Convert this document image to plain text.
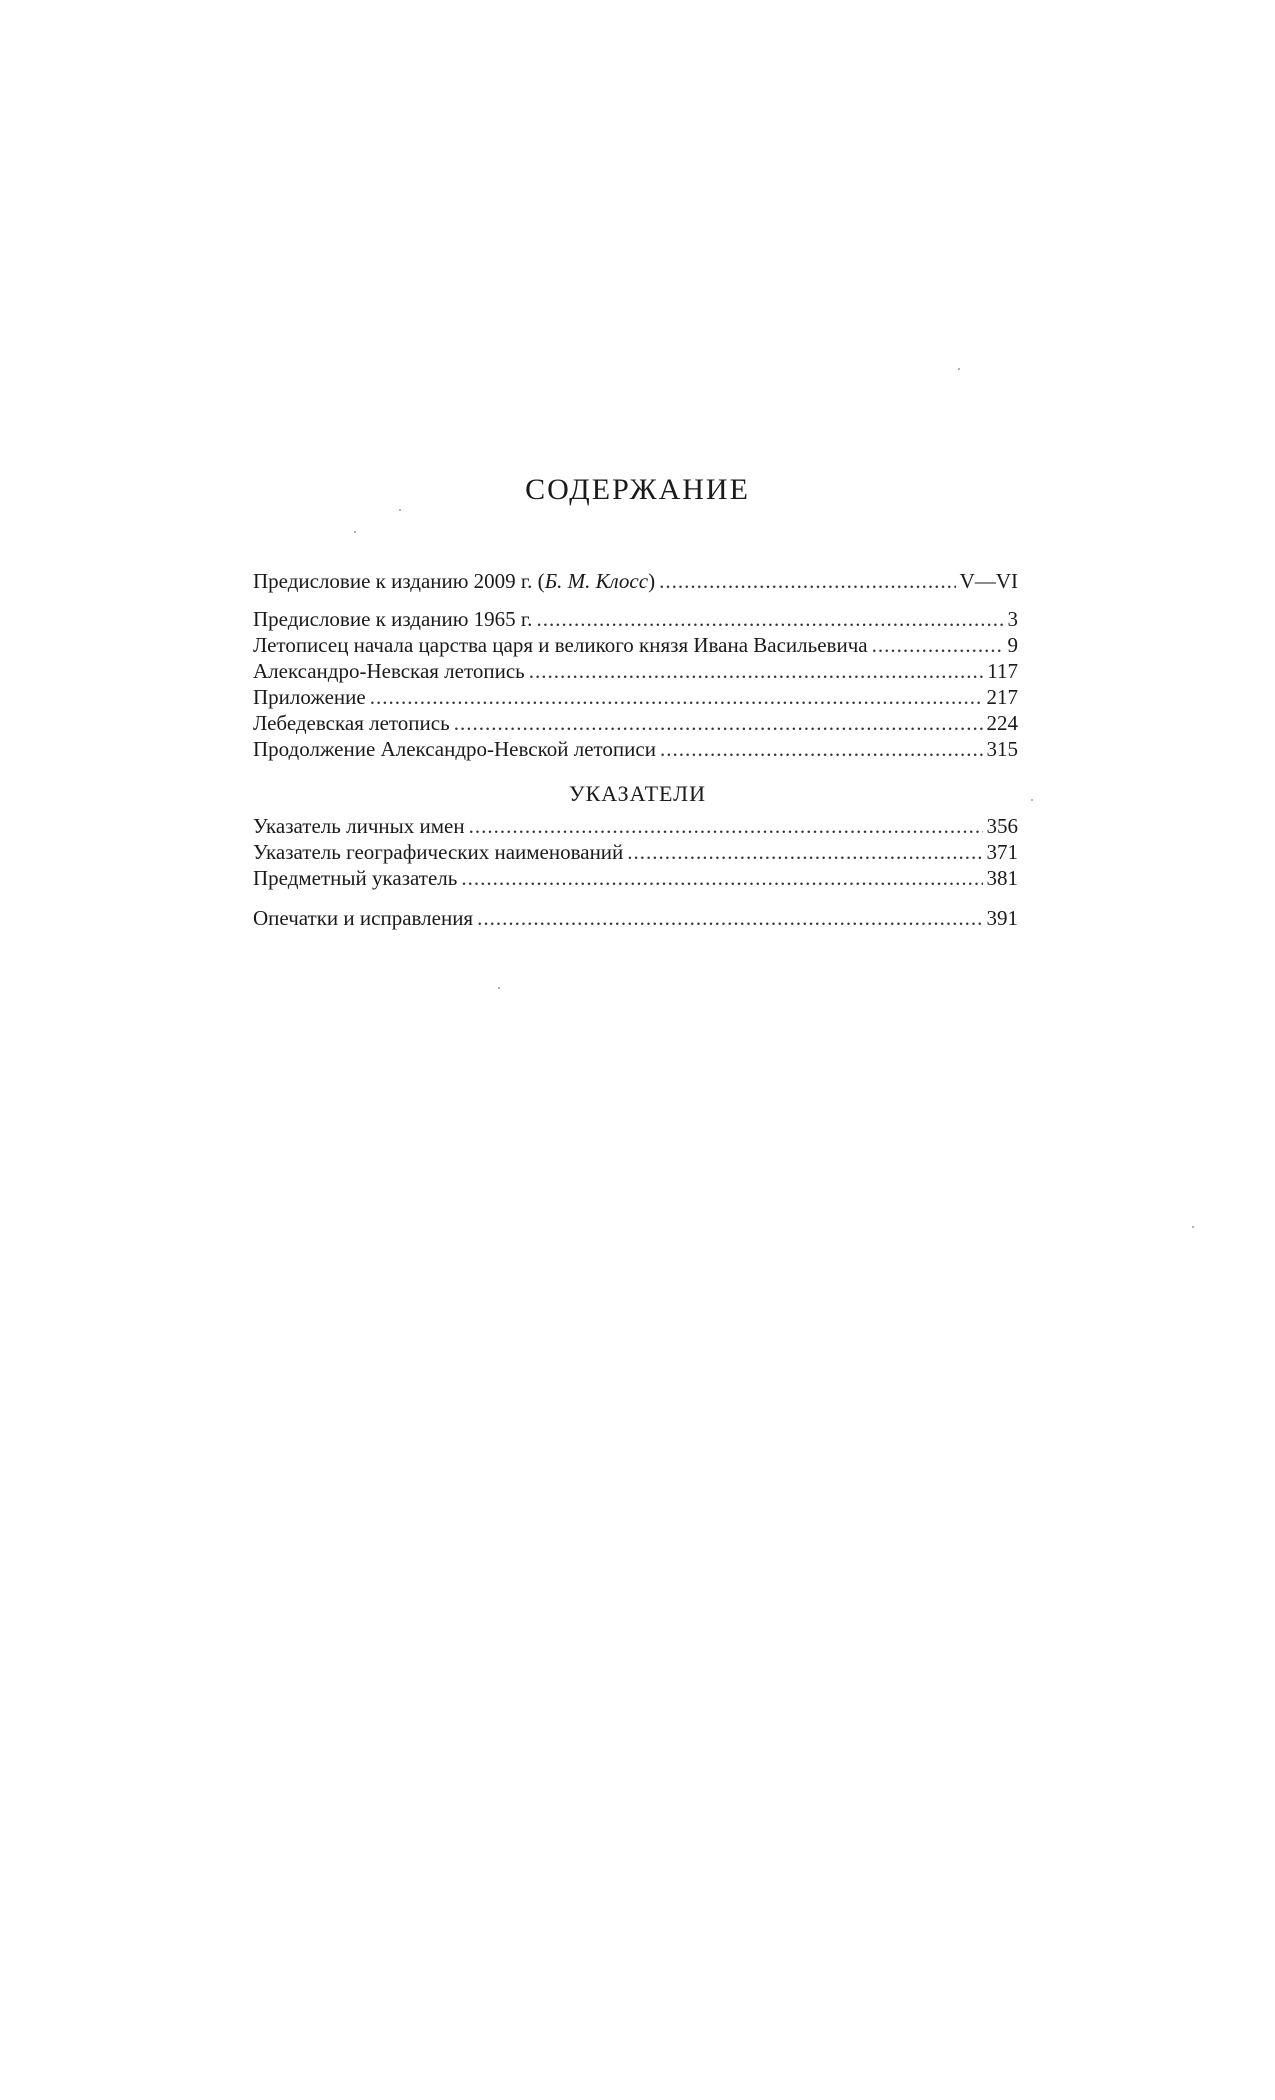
СОДЕРЖАНИЕ
Предисловие к изданию 2009 г. (Б. М. Клосс) .....	V—VI
Предисловие к изданию 1965 г. .....	3
Летописец начала царства царя и великого князя Ивана Васильевича .....	9
Александро-Невская летопись .....	117
Приложение .....	217
Лебедевская летопись .....	224
Продолжение Александро-Невской летописи .....	315
УКАЗАТЕЛИ
Указатель личных имен .....	356
Указатель географических наименований .....	371
Предметный указатель .....	381
Опечатки и исправления .....	391
